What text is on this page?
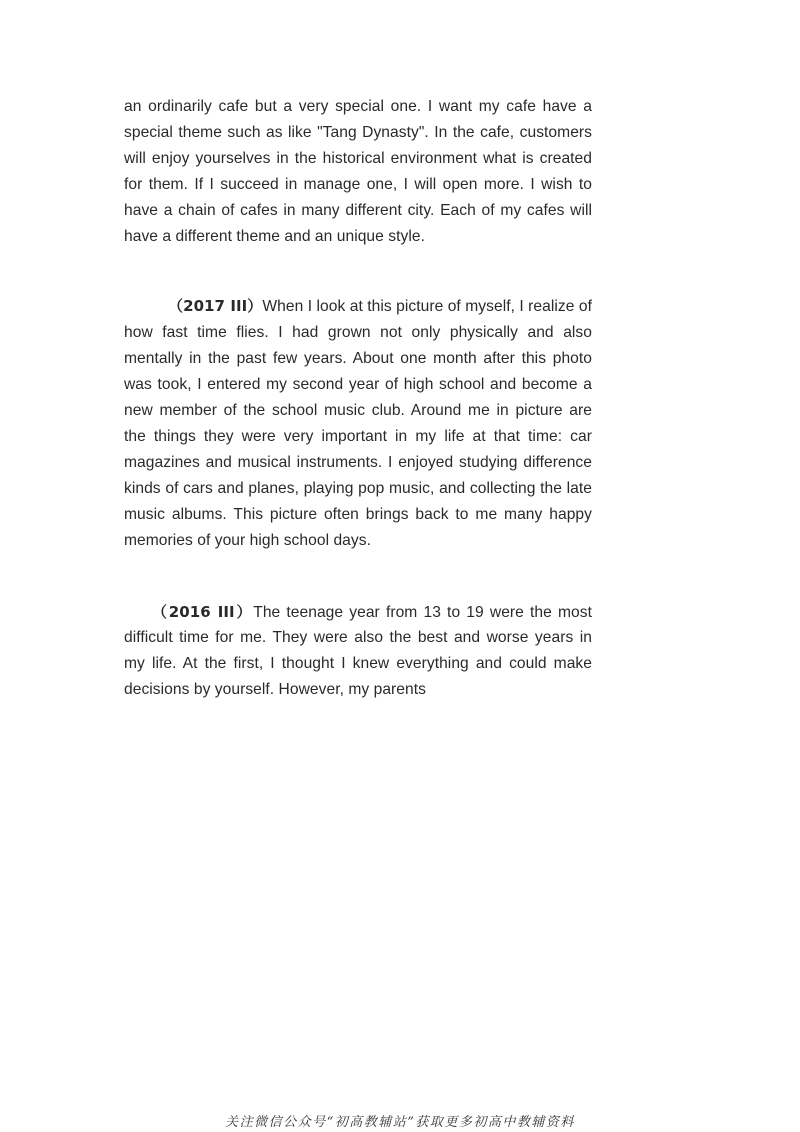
an ordinarily cafe but a very special one. I want my cafe have a special theme such as like "Tang Dynasty". In the cafe, customers will enjoy yourselves in the historical environment what is created for them. If I succeed in manage one, I will open more. I wish to have a chain of cafes in many different city. Each of my cafes will have a different theme and an unique style.

（2017 III）When I look at this picture of myself, I realize of how fast time flies. I had grown not only physically and also mentally in the past few years. About one month after this photo was took, I entered my second year of high school and become a new member of the school music club. Around me in picture are the things they were very important in my life at that time: car magazines and musical instruments. I enjoyed studying difference kinds of cars and planes, playing pop music, and collecting the late music albums. This picture often brings back to me many happy memories of your high school days.

（2016 III）The teenage year from 13 to 19 were the most difficult time for me. They were also the best and worse years in my life. At the first, I thought I knew everything and could make decisions by yourself. However, my parents

关注微信公众号“初高教辅站”获取更多初高中教辅资料
